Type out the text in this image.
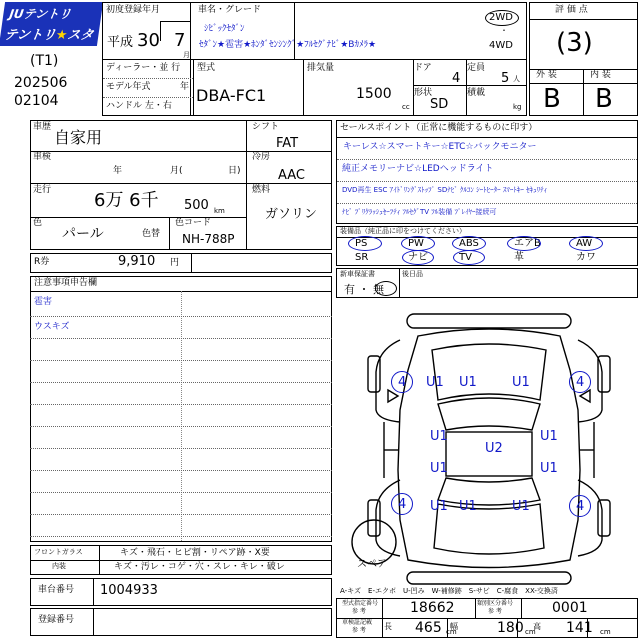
JUテントリ
テントリ★スター
初度登録年月
平成 30 7
月
(T1)
202506
02104
車名・グレード
ｼﾋﾞｯｸｾﾀﾞﾝ
ｾﾀﾞﾝ★雹害★ﾎﾝﾀﾞｾﾝｼﾝｸﾞ★ﾌﾙｾｸﾞﾅﾋﾞ★Bｶﾒﾗ★
2WD
・
4WD
ディーラー・並 行
モデル年式	年
ハンドル 左・右
型式
DBA-FC1
排気量
1500
cc
ドア
4
定員
5 人
形状
SD
積載
kg
評 価 点
(3)
外 装	内 装
B B
車歴
自家用
車検
年	月(	日)
走行 6万 6千 500 km
色
パール	色替
色コード
NH-788P
シフト
FAT
冷房
AAC
燃料
ガソリン
R券	9,910 円
セールスポイント（正常に機能するものに印す）
キーレス☆スマートキー☆ETC☆バックモニター
純正メモリーナビ☆LEDヘッドライト
DVD再生 ESC ｱｲﾄﾞﾘﾝｸﾞｽﾄｯﾌﾟ SDﾅﾋﾞ ｸﾙｺﾝ ｼｰﾄﾋｰﾀｰ ｽﾏｰﾄｷｰ ｾｷｭﾘﾃｨ
ﾅﾋﾞ ﾌﾟﾘｸﾗｯｼｭｾｰﾌﾃｨ ﾌﾙｾｸﾞTV ﾌﾙ装備 ﾌﾟﾚｲﾔｰ接続可
装備品（純正品に印をつけてください）
新車保証書
有 ・ 無
後日品
注意事項申告欄
雹害
ウスキズ
スペア
フロントガラス	キズ・飛石・ヒビ割・リペア跡・X要
内装	キズ・汚レ・コゲ・穴・スレ・キレ・破レ
車台番号 1004933
登録番号
A-キズ　E-エクボ　U-凹み　W-補修跡　S-サビ　C-腐食　XX-交換済
型式指定番号
参 考	18662	類別区分番号
参 考	0001
車検証記載
参 考 長 465 cm
幅	180 cm
高 141 cm
PS	PW	ABS	エアB	AW
SR	ナビ	TV	革	カワ
4 U1 U1	U1	4
U1	U1
U2
U1	U1
4 U1 U1	U1	4
